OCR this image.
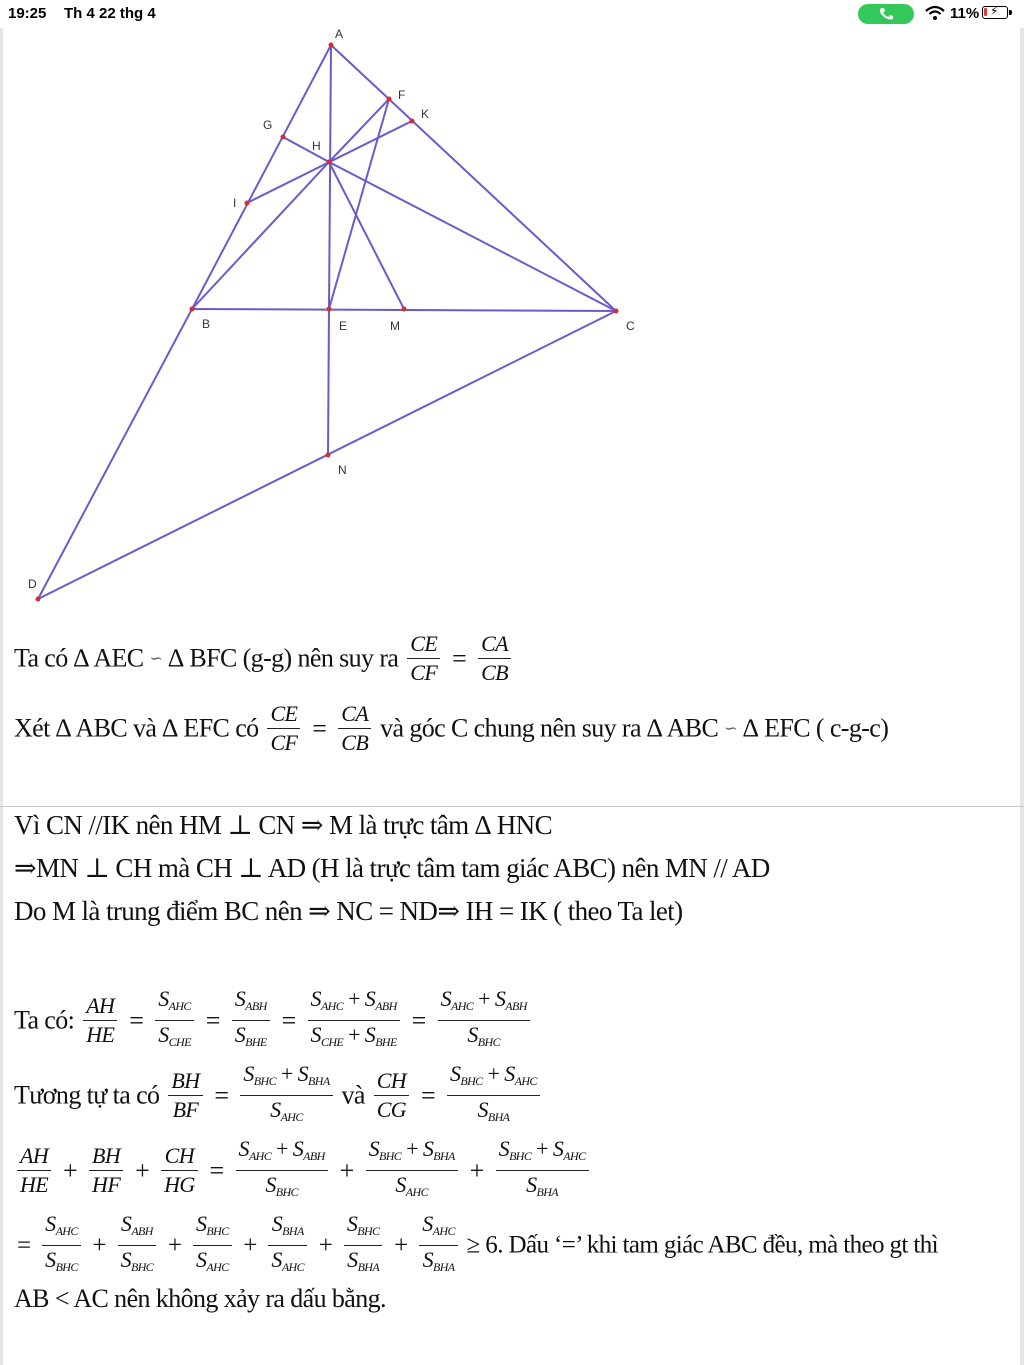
19:25 Th 4 22 thg 4	11% ⚡
A
F
K
G
H
I
B	E	M	C
N
D
Ta có ∆ AEC ∽ ∆ BFC (g-g) nên suy ra $\frac{CE}{CF} = \frac{CA}{CB}$
Xét ∆ ABC và ∆ EFC có $\frac{CE}{CF} = \frac{CA}{CB}$ và góc C chung nên suy ra ∆ ABC ∽ ∆ EFC ( c-g-c)
Vì CN //IK nên HM ⊥ CN ⇒ M là trực tâm ∆ HNC
⇒MN ⊥ CH mà CH ⊥ AD (H là trực tâm tam giác ABC) nên MN // AD
Do M là trung điểm BC nên ⇒ NC = ND⇒ IH = IK ( theo Ta let)
Ta có: $\frac{AH}{HE} = \frac{S_{AHC}}{S_{CHE}} = \frac{S_{ABH}}{S_{BHE}} = \frac{S_{AHC} + S_{ABH}}{S_{CHE} + S_{BHE}} = \frac{S_{AHC} + S_{ABH}}{S_{BHC}}$
Tương tự ta có $\frac{BH}{BF} = \frac{S_{BHC} + S_{BHA}}{S_{AHC}}$ và $\frac{CH}{CG} = \frac{S_{BHC} + S_{AHC}}{S_{BHA}}$
$\frac{AH}{HE} + \frac{BH}{HF} + \frac{CH}{HG} = \frac{S_{AHC} + S_{ABH}}{S_{BHC}} + \frac{S_{BHC} + S_{BHA}}{S_{AHC}} + \frac{S_{BHC} + S_{AHC}}{S_{BHA}}$
= $\frac{S_{AHC}}{S_{BHC}} + \frac{S_{ABH}}{S_{BHC}} + \frac{S_{BHC}}{S_{AHC}} + \frac{S_{BHA}}{S_{AHC}} + \frac{S_{BHC}}{S_{BHA}} + \frac{S_{AHC}}{S_{BHA}} \ge 6$. Dấu ‘=’ khi tam giác ABC đều, mà theo gt thì
AB < AC nên không xảy ra dấu bằng.
